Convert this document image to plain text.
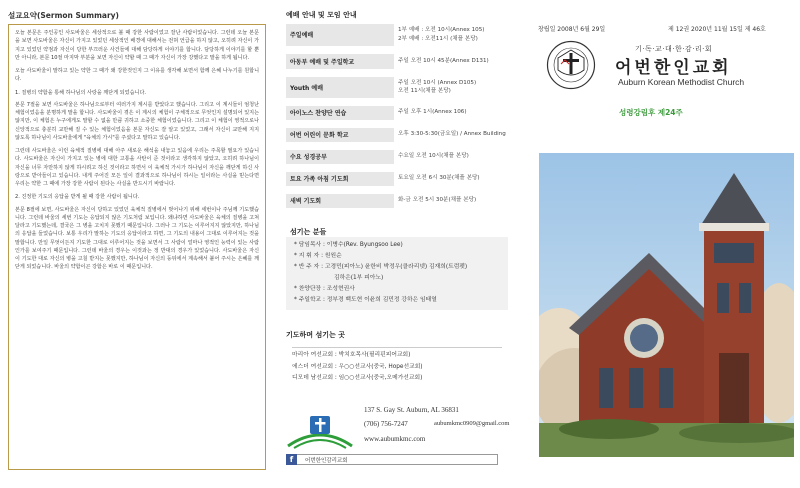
설교요약(Sermon Summary)

오늘 본문은 주인공인 사도바울은 세상적으로 볼 때 강한 사람이었고 잘난 사람이었습니다. 그런데 오늘 본문을 보면 사도바울은 자신이 가지고 있었던 세상적인 배경에 대해서는 전혀 언급을 하지 않고, 오히려 자신이 가지고 있었던 약점과 자신이 당한 부끄러운 사건들에 대해 담당하게 이야기를 합니다. 담당하게 이야기를 할 뿐만 아니라, 본문 10절 마지막 부분을 보면 자신이 약할 때 그 때가 자신이 가장 강했다고 말을 하게 됩니다.

오늘 사도바울이 말하고 있는 약한 그 때가 왜 강한것인지 그 이유를 생각해 보면서 함께 은혜 나누기를 원합니다.

1. 질병의 약함을 통해 하나님의 사랑을 깨닫게 되었습니다.

본문 7절을 보면 사도바울은 하나님으로부터 여러가지 계시를 받았다고 했습니다. 그리고 이 계시들이 엄청난 체험이었음을 분명하게 말을 합니다. 사도바울이 겪은 이 계시의 체험이 구체적으로 무엇인지 설명되어 있지는 않지만, 이 체험은 누구에게도 말할 수 없을 만큼 귀하고 소중한 체험이었습니다. 그리고 이 체험이 영적으로나 신앙적으로 충분히 교만해 질 수 있는 체험이었음을 본문 자신도 잘 알고 있었고, 그래서 자신이 교만해 지지 않도록 하나님이 사도바울에게 "육체의 가시"를 주셨다고 말하고 있습니다.

그런데 사도바울은 이런 육체적 질병에 대해 아주 새로운 해석을 내놓고 있음에 우리는 주목할 필요가 있습니다. 사도바울은 자신이 가지고 있는 병에 대한 고통을 사탄이 준 것이라고 생각하지 않았고, 오히려 하나님이 자신을 너무 자만하지 않게 하시려고 하신 것이라고 하면서 이 육체적 가시가 하나님이 자신을 깨닫게 하신 사랑으로 받아들이고 있습니다. 내게 주어진 모든 일이 결과적으로 하나님이 하시는 일이라는 사실을 믿는다면 우리는 약한 그 때에 가장 강한 사람이 된다는 사실을 반드시기 바랍니다.

2. 진정한 기도의 응답을 받게 될 때 강한 사람이 됩니다.

본문 8절에 보면, 사도바울은 자신이 당하고 있었던 육체적 질병에서 벗어나기 위해 세번이나 주님께 기도했습니다. 그런데 바울의 세번 기도는 응답되지 않은 기도처럼 보입니다. 왜냐하면 사도바울은 육체의 질병을 고쳐 달라고 기도했는데, 결국은 그 병을 고치지 못했기 때문입니다. 그러나 그 기도는 이루어지지 않았지만, 하나님의 응답을 들었습니다. 보통 우리가 말하는 기도의 응답이라고 하면, 그 기도의 내용이 그대로 이루어지는 것을 말합니다. 만일 무엇이든지 기도한 그대로 이루어지는 것을 보면서 그 사람이 얼마나 영적인 능력이 있는 사람인가를 보여주기 때문입니다. 그런데 바울의 경우는 이것과는 정 반대의 경우가 있었습니다. 사도바울은 자신이 기도한 대로 자신의 병을 고칠 받지는 못했지만, 하나님이 자신의 등뒤에서 계속해서 붙어 주시는 은혜를 깨닫게 되었습니다. 바울의 약함이곤 강함은 바로 이 때문입니다.

예배 안내 및 모임 안내
주일예배	1부 예배 : 오전 10시(Annex 105)
2부 예배 : 오전11시 (채플 본당)

아동부 예배 및 주일학교	주일 오전 10시 45분(Annex D131)

Youth 예배	주일 오전 10시 (Annex D105)
오전 11시(채플 본당)

아이노스 찬양단 연습	주일 오후 1시(Annex 106)

어번 어린이 문화 학교	오후 3:30-5:30(금요일) / Annex Building

수요 성경공부	수요일 오전 10시(채플 본당)

토요 가족 아침 기도회	토요일 오전 6시 30분(채플 본당)

새벽 기도회	화-금 오전 5시 30분(채플 본당)
섬기는 분들
* 담임목사 : 이병수(Rev. Byungsoo Lee)
* 지 휘 자 : 원원순
* 반 주 자 : 고경민(피아노) 윤한비 박정우(클라리넷) 김재희(트럼펫)
김하은(1부 피아노)
* 찬양단장 : 조성현권사
* 주일학교 : 정부경 백도현 이윤희 김민정 강하은 임태열
기도하며 섬기는 곳
마리아 여선교회 : 박치호목사(필리핀피어교회)
에스더 여선교회 : 우○○선교사(중국, Hope선교회)
디모데 남선교회 : 임○○선교사(중국,오메가선교회)
137 S. Gay St. Auburn, AL 36831
(706) 756-7247	aubumkmc0909@gmail.com
www.aubumkmc.com
f	어번한인감리교회
창립일 2008년 6월 29일	제 12권 2020년 11월 15일 제 46호
기·독·교·대·한·감·리·회
어번한인교회
Auburn Korean Methodist Church
성령강림후 제24주
